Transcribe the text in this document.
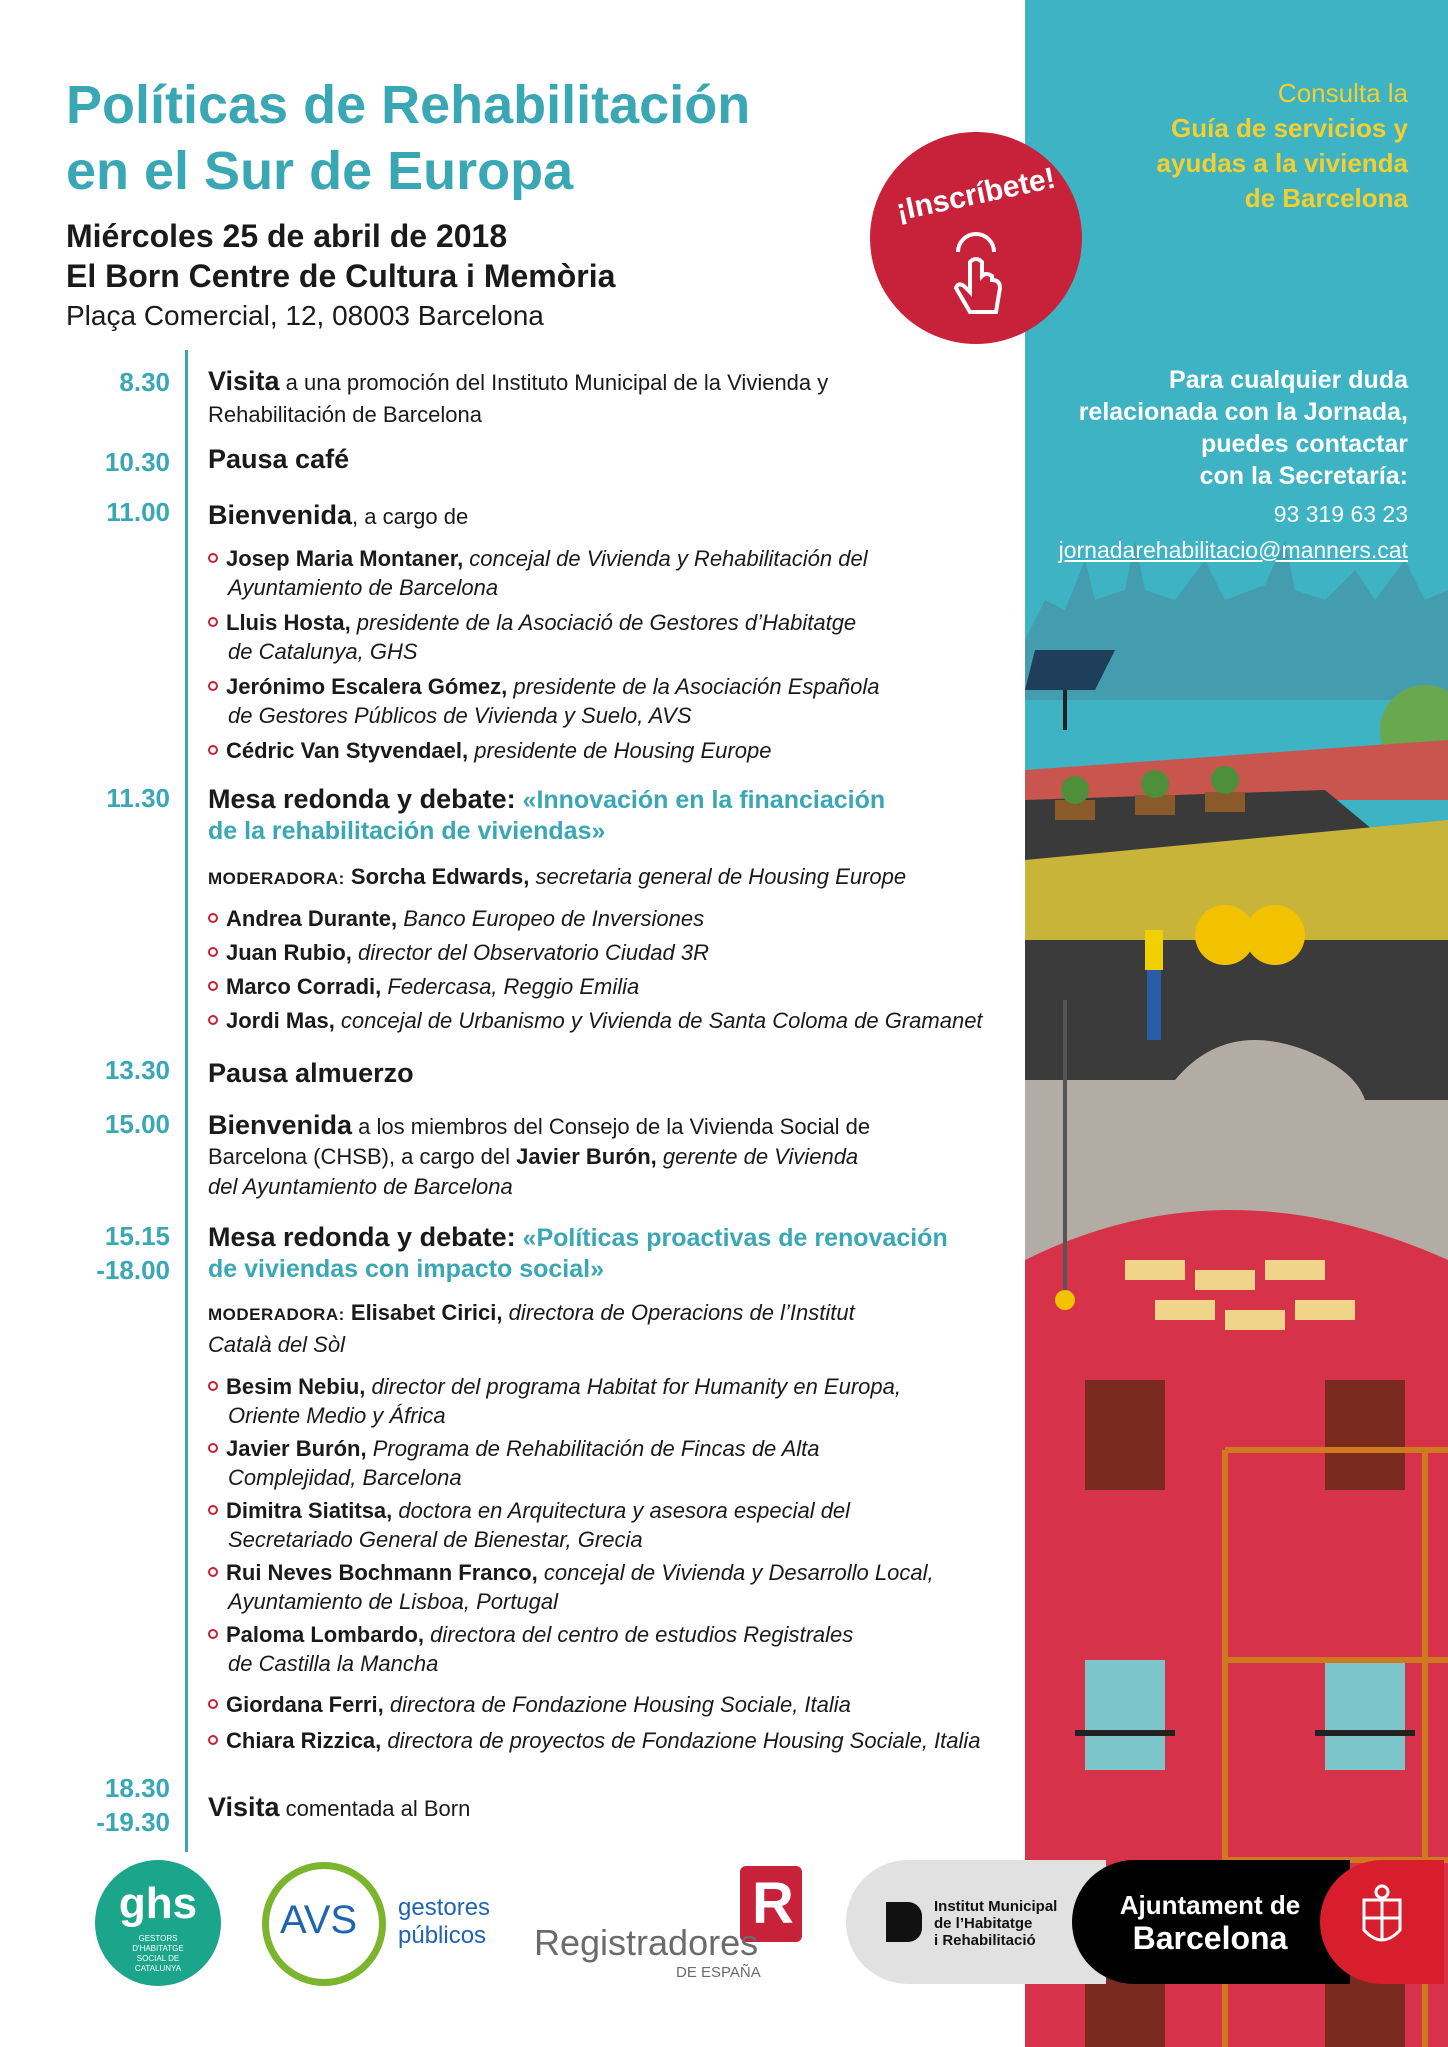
Consulta la
Guía de servicios y
ayudas a la vivienda
de Barcelona
Para cualquier duda
relacionada con la Jornada,
puedes contactar
con la Secretaría:
93 319 63 23
jornadarehabilitacio@manners.cat
Políticas de Rehabilitación
en el Sur de Europa
Miércoles 25 de abril de 2018
El Born Centre de Cultura i Memòria
Plaça Comercial, 12, 08003 Barcelona
¡Inscríbete!
8.30 Visita a una promoción del Instituto Municipal de la Vivienda y
Rehabilitación de Barcelona
10.30 Pausa café
11.00 Bienvenida, a cargo de
Josep Maria Montaner, concejal de Vivienda y Rehabilitación del
Ayuntamiento de Barcelona
Lluis Hosta, presidente de la Asociació de Gestores d’Habitatge
de Catalunya, GHS
Jerónimo Escalera Gómez, presidente de la Asociación Española
de Gestores Públicos de Vivienda y Suelo, AVS
Cédric Van Styvendael, presidente de Housing Europe
11.30 Mesa redonda y debate: «Innovación en la financiación
de la rehabilitación de viviendas»
MODERADORA: Sorcha Edwards, secretaria general de Housing Europe
Andrea Durante, Banco Europeo de Inversiones
Juan Rubio, director del Observatorio Ciudad 3R
Marco Corradi, Federcasa, Reggio Emilia
Jordi Mas, concejal de Urbanismo y Vivienda de Santa Coloma de Gramanet
13.30 Pausa almuerzo
15.00 Bienvenida a los miembros del Consejo de la Vivienda Social de
Barcelona (CHSB), a cargo del Javier Burón, gerente de Vivienda
del Ayuntamiento de Barcelona
15.15
-18.00
Mesa redonda y debate: «Políticas proactivas de renovación
de viviendas con impacto social»
MODERADORA: Elisabet Cirici, directora de Operacions de l’Institut
Català del Sòl
Besim Nebiu, director del programa Habitat for Humanity en Europa,
Oriente Medio y África
Javier Burón, Programa de Rehabilitación de Fincas de Alta
Complejidad, Barcelona
Dimitra Siatitsa, doctora en Arquitectura y asesora especial del
Secretariado General de Bienestar, Grecia
Rui Neves Bochmann Franco, concejal de Vivienda y Desarrollo Local,
Ayuntamiento de Lisboa, Portugal
Paloma Lombardo, directora del centro de estudios Registrales
de Castilla la Mancha
Giordana Ferri, directora de Fondazione Housing Sociale, Italia
Chiara Rizzica, directora de proyectos de Fondazione Housing Sociale, Italia
18.30
-19.30 Visita comentada al Born
ghs
GESTORS
D'HABITATGE
SOCIAL DE
CATALUNYA
AVS gestores
públicos	R
Registradores
DE ESPAÑA
Institut Municipal
de l’Habitatge
i Rehabilitació
Ajuntament de
Barcelona
